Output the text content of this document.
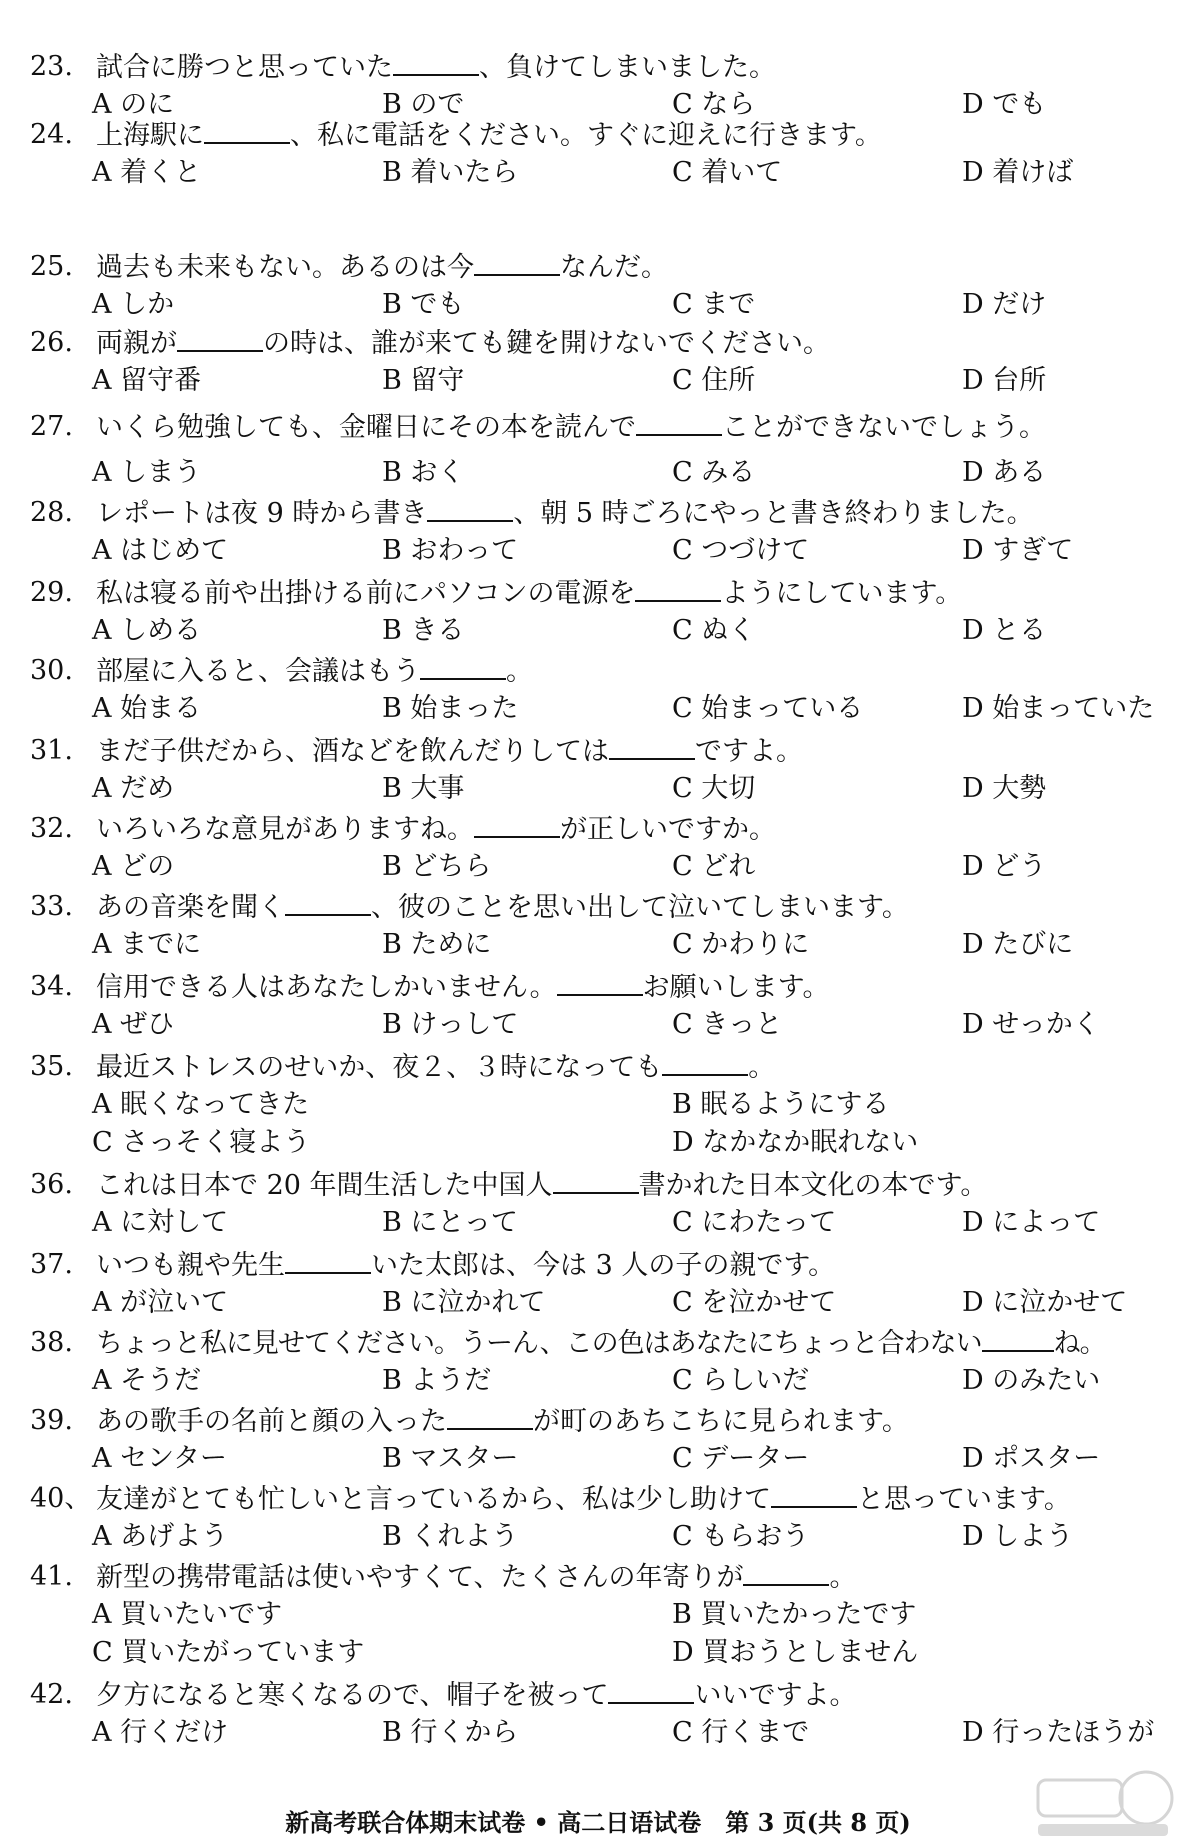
23. 試合に勝つと思っていた	、負けてしまいました。
A のに	B ので	C なら	D でも
24. 上海駅に	、私に電話をください。すぐに迎えに行きます。
A 着くと	B 着いたら	C 着いて	D 着けば
25. 過去も未来もない。あるのは今	なんだ。
A しか	B でも	C まで	D だけ
26. 両親が	の時は、誰が来ても鍵を開けないでください。
A 留守番	B 留守	C 住所	D 台所
27. いくら勉強しても、金曜日にその本を読んで	ことができないでしょう。
A しまう	B おく	C みる	D ある
28. レポートは夜 9 時から書き	、朝 5 時ごろにやっと書き終わりました。
A はじめて	B おわって	C つづけて	D すぎて
29. 私は寝る前や出掛ける前にパソコンの電源を	ようにしています。
A しめる	B きる	C ぬく	D とる
30. 部屋に入ると、会議はもう	。
A 始まる	B 始まった	C 始まっている	D 始まっていた
31. まだ子供だから、酒などを飲んだりしては	ですよ。
A だめ	B 大事	C 大切	D 大勢
32. いろいろな意見がありますね。	が正しいですか。
A どの	B どちら	C どれ	D どう
33. あの音楽を聞く	、彼のことを思い出して泣いてしまいます。
A までに	B ために	C かわりに	D たびに
34. 信用できる人はあなたしかいません。	お願いします。
A ぜひ	B けっして	C きっと	D せっかく
35. 最近ストレスのせいか、夜２、３時になっても	。
A 眠くなってきた	B 眠るようにする
C さっそく寝よう	D なかなか眠れない
36. これは日本で 20 年間生活した中国人	書かれた日本文化の本です。
A に対して	B にとって	C にわたって	D によって
37. いつも親や先生	いた太郎は、今は 3 人の子の親です。
A が泣いて	B に泣かれて	C を泣かせて	D に泣かせて
38. ちょっと私に見せてください。うーん、この色はあなたにちょっと合わない	ね。
A そうだ	B ようだ	C らしいだ	D のみたい
39. あの歌手の名前と顔の入った	が町のあちこちに見られます。
A センター	B マスター	C データー	D ポスター
40、 友達がとても忙しいと言っているから、私は少し助けて	と思っています。
A あげよう	B くれよう	C もらおう	D しよう
41. 新型の携帯電話は使いやすくて、たくさんの年寄りが	。
A 買いたいです	B 買いたかったです
C 買いたがっています	D 買おうとしません
42. 夕方になると寒くなるので、帽子を被って	いいですよ。
A 行くだけ	B 行くから	C 行くまで	D 行ったほうが
新高考联合体期末试卷 • 高二日语试卷　第 3 页(共 8 页)
